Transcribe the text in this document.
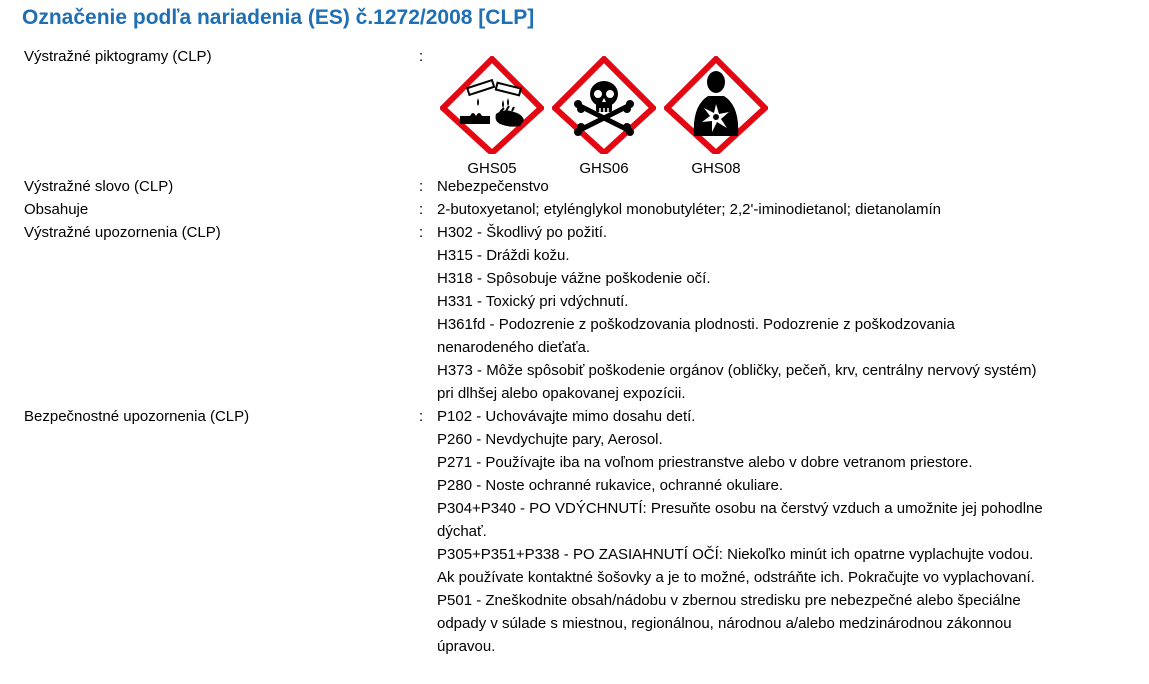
Označenie podľa nariadenia (ES) č.1272/2008 [CLP]
Výstražné piktogramy (CLP)	:
GHS05	GHS06	GHS08
Výstražné slovo (CLP)	: Nebezpečenstvo
Obsahuje	: 2-butoxyetanol; etylénglykol monobutyléter; 2,2'-iminodietanol; dietanolamín
Výstražné upozornenia (CLP)	: H302 - Škodlivý po požití.
H315 - Dráždi kožu.
H318 - Spôsobuje vážne poškodenie očí.
H331 - Toxický pri vdýchnutí.
H361fd - Podozrenie z poškodzovania plodnosti. Podozrenie z poškodzovania
nenarodeného dieťaťa.
H373 - Môže spôsobiť poškodenie orgánov (obličky, pečeň, krv, centrálny nervový systém)
pri dlhšej alebo opakovanej expozícii.
Bezpečnostné upozornenia (CLP)	: P102 - Uchovávajte mimo dosahu detí.
P260 - Nevdychujte pary, Aerosol.
P271 - Používajte iba na voľnom priestranstve alebo v dobre vetranom priestore.
P280 - Noste ochranné rukavice, ochranné okuliare.
P304+P340 - PO VDÝCHNUTÍ: Presuňte osobu na čerstvý vzduch a umožnite jej pohodlne
dýchať.
P305+P351+P338 - PO ZASIAHNUTÍ OČÍ: Niekoľko minút ich opatrne vyplachujte vodou.
Ak používate kontaktné šošovky a je to možné, odstráňte ich. Pokračujte vo vyplachovaní.
P501 - Zneškodnite obsah/nádobu v zbernou stredisku pre nebezpečné alebo špeciálne
odpady v súlade s miestnou, regionálnou, národnou a/alebo medzinárodnou zákonnou
úpravou.
